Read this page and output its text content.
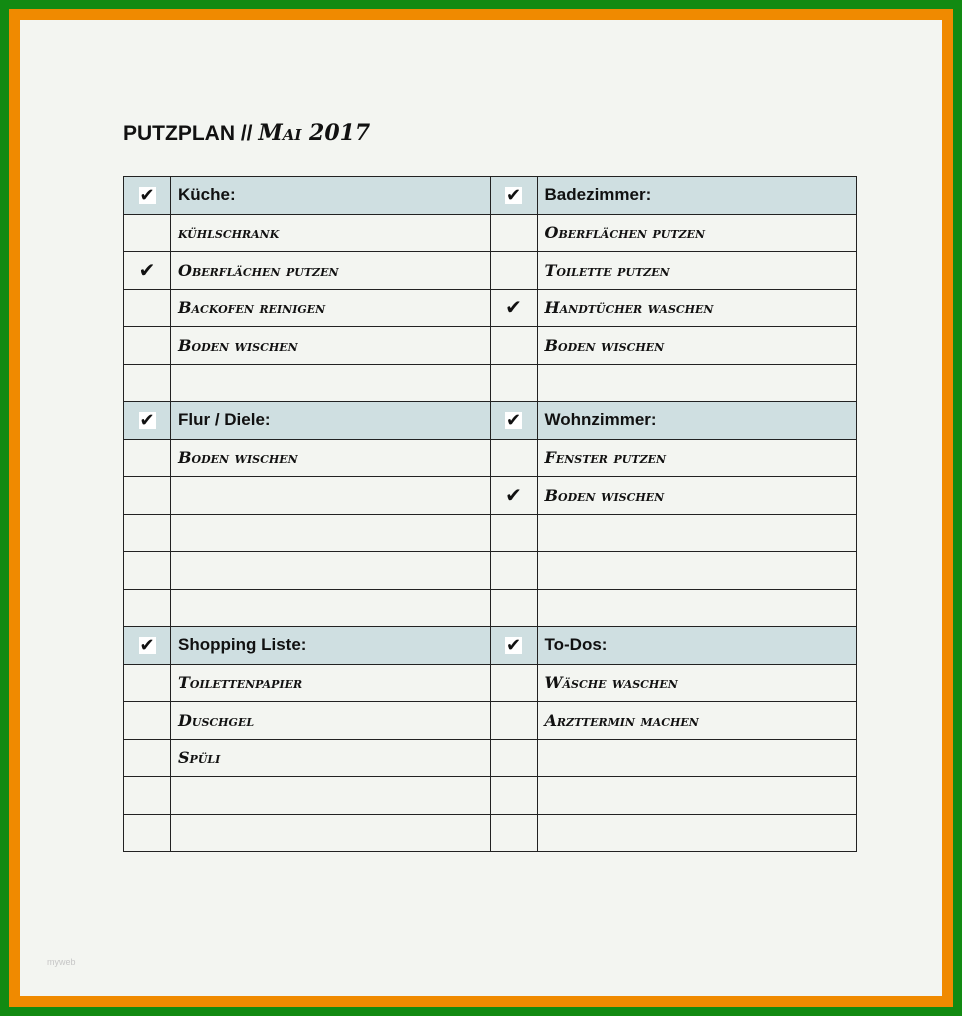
PUTZPLAN // Mai 2017
✔	Küche:	✔	Badezimmer:
	kühlschrank		Oberflächen putzen
✔	Oberflächen putzen		Toilette putzen
	Backofen reinigen	✔	Handtücher waschen
	Boden wischen		Boden wischen

✔	Flur / Diele:	✔	Wohnzimmer:
	Boden wischen		Fenster putzen
		✔	Boden wischen

✔	Shopping Liste:	✔	To-Dos:
	Toilettenpapier		Wäsche waschen
	Duschgel		Arzttermin machen
	Spüli		

myweb
